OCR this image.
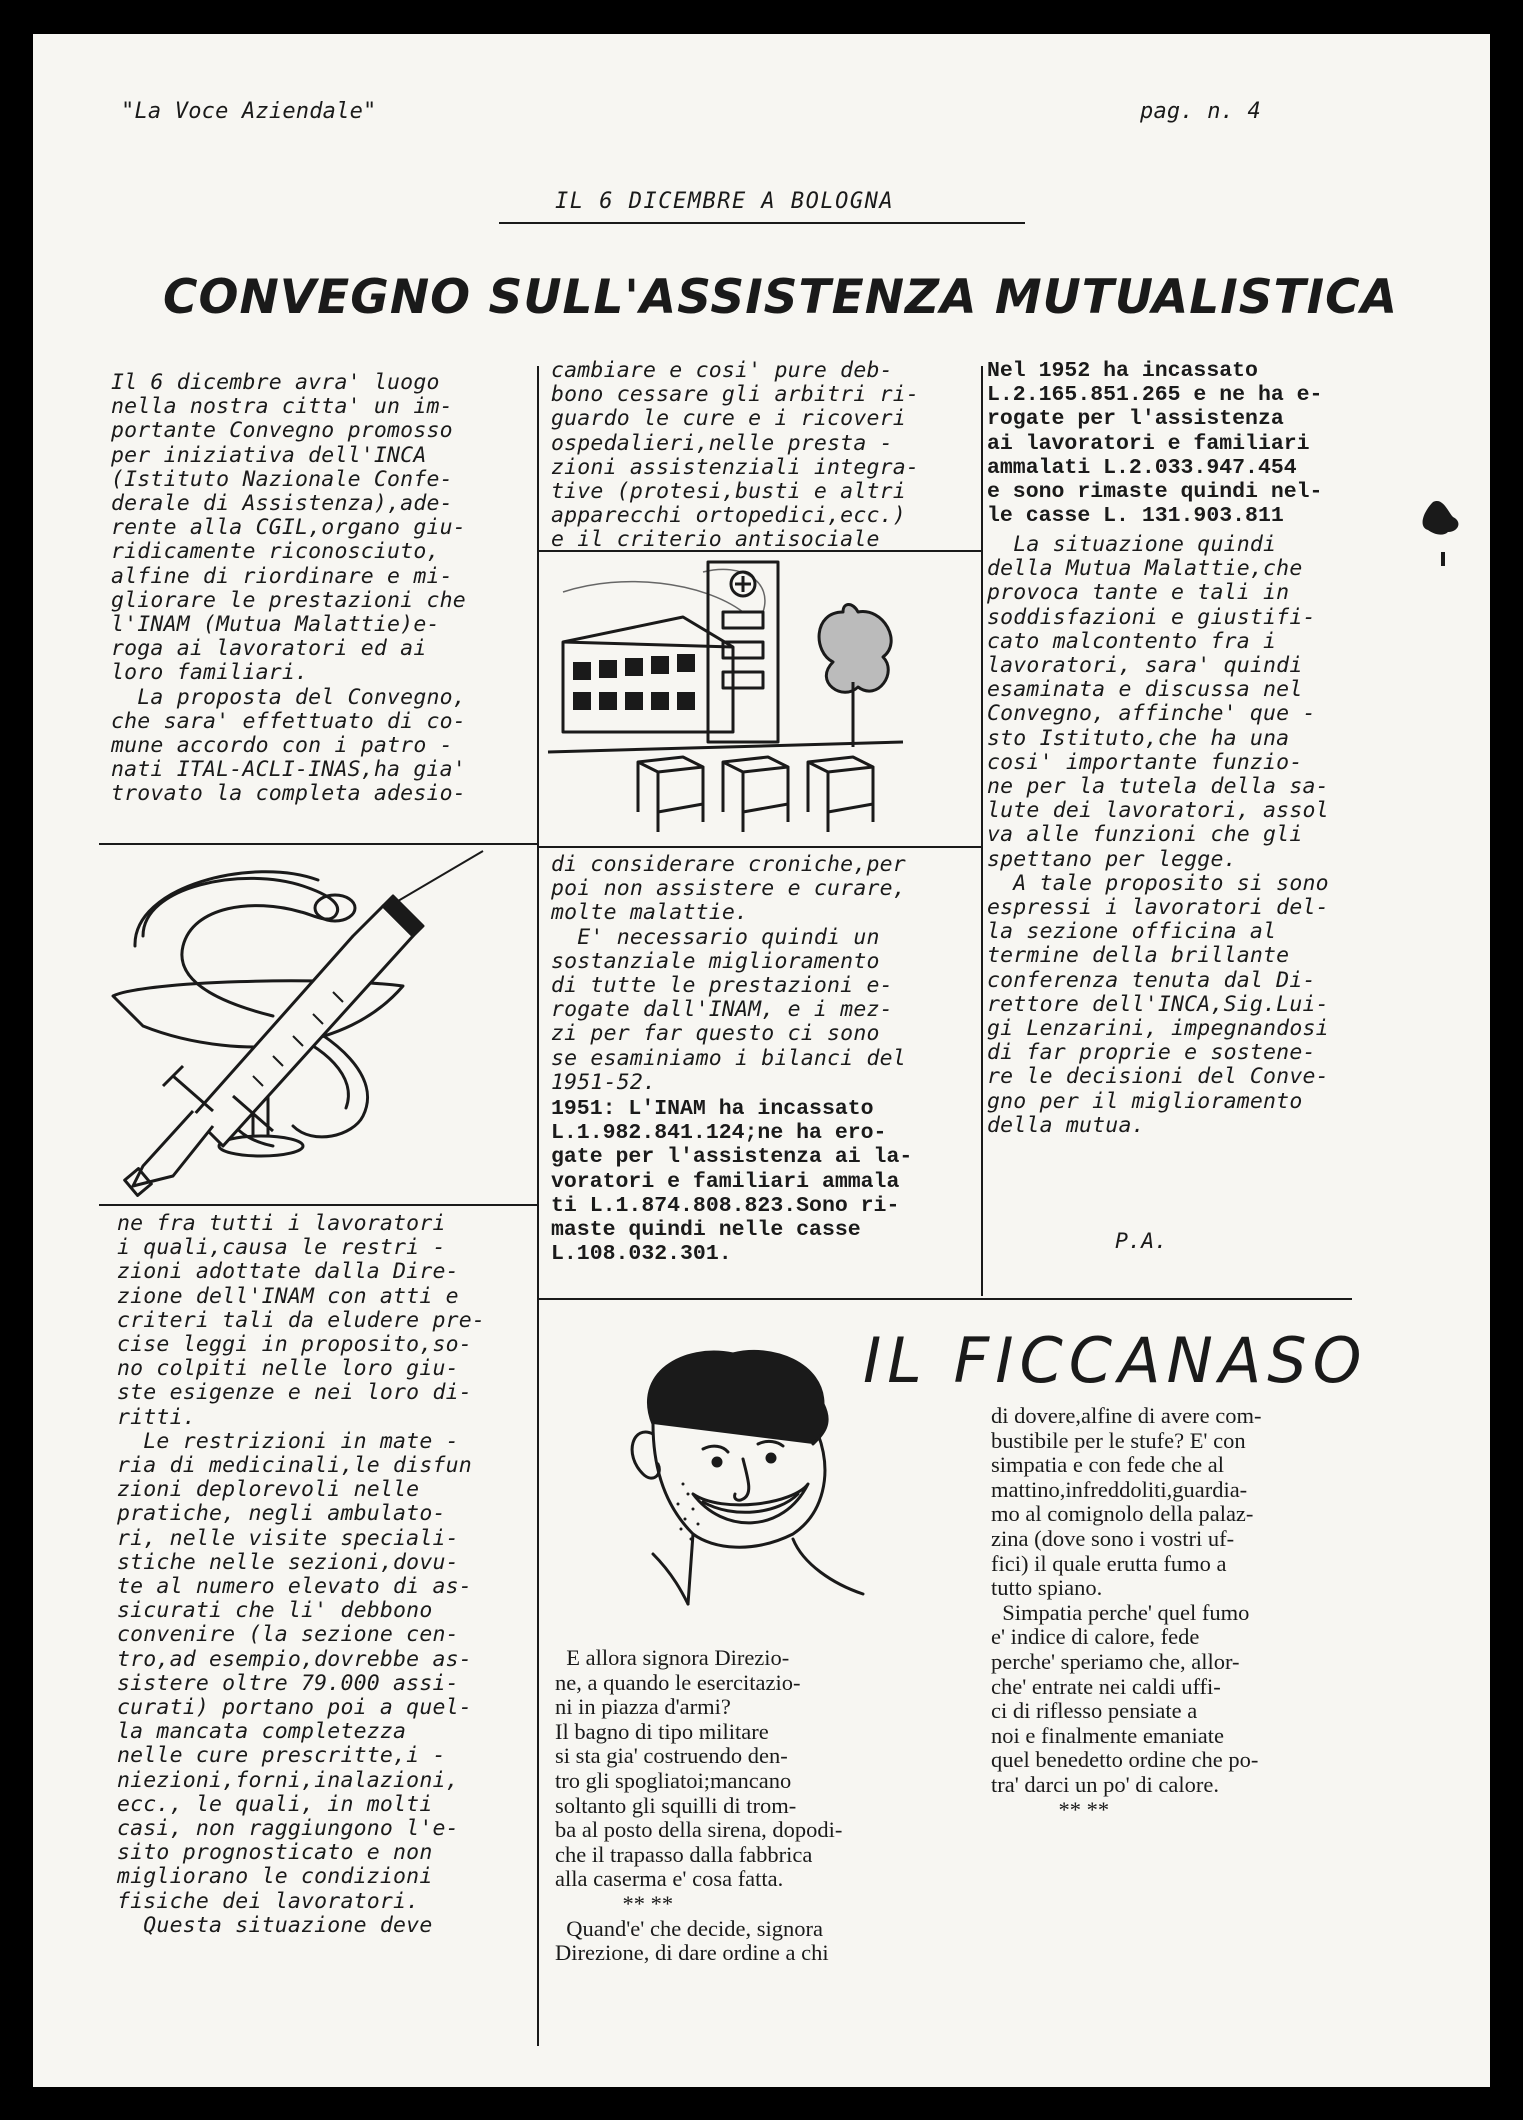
"La Voce Aziendale"	pag. n. 4
IL 6 DICEMBRE A BOLOGNA
CONVEGNO SULL'ASSISTENZA MUTUALISTICA
Il 6 dicembre avra' luogo
nella nostra citta' un im-
portante Convegno promosso
per iniziativa dell'INCA
(Istituto Nazionale Confe-
derale di Assistenza),ade-
rente alla CGIL,organo giu-
ridicamente riconosciuto,
alfine di riordinare e mi-
gliorare le prestazioni che
l'INAM (Mutua Malattie)e-
roga ai lavoratori ed ai
loro familiari.
La proposta del Convegno,
che sara' effettuato di co-
mune accordo con i patro -
nati ITAL-ACLI-INAS,ha gia'
trovato la completa adesio-
ne fra tutti i lavoratori
i quali,causa le restri -
zioni adottate dalla Dire-
zione dell'INAM con atti e
criteri tali da eludere pre-
cise leggi in proposito,so-
no colpiti nelle loro giu-
ste esigenze e nei loro di-
ritti.
Le restrizioni in mate -
ria di medicinali,le disfun
zioni deplorevoli nelle
pratiche, negli ambulato-
ri, nelle visite speciali-
stiche nelle sezioni,dovu-
te al numero elevato di as-
sicurati che li' debbono
convenire (la sezione cen-
tro,ad esempio,dovrebbe as-
sistere oltre 79.000 assi-
curati) portano poi a quel-
la mancata completezza
nelle cure prescritte,i -
niezioni,forni,inalazioni,
ecc., le quali, in molti
casi, non raggiungono l'e-
sito prognosticato e non
migliorano le condizioni
fisiche dei lavoratori.
Questa situazione deve
cambiare e cosi' pure deb-
bono cessare gli arbitri ri-
guardo le cure e i ricoveri
ospedalieri,nelle presta -
zioni assistenziali integra-
tive (protesi,busti e altri
apparecchi ortopedici,ecc.)
e il criterio antisociale
di considerare croniche,per
poi non assistere e curare,
molte malattie.
E' necessario quindi un
sostanziale miglioramento
di tutte le prestazioni e-
rogate dall'INAM, e i mez-
zi per far questo ci sono
se esaminiamo i bilanci del
1951-52.
1951: L'INAM ha incassato
L.1.982.841.124;ne ha ero-
gate per l'assistenza ai la-
voratori e familiari ammala
ti L.1.874.808.823.Sono ri-
maste quindi nelle casse
L.108.032.301.
Nel 1952 ha incassato
L.2.165.851.265 e ne ha e-
rogate per l'assistenza
ai lavoratori e familiari
ammalati L.2.033.947.454
e sono rimaste quindi nel-
le casse L. 131.903.811
La situazione quindi
della Mutua Malattie,che
provoca tante e tali in
soddisfazioni e giustifi-
cato malcontento fra i
lavoratori, sara' quindi
esaminata e discussa nel
Convegno, affinche' que -
sto Istituto,che ha una
cosi' importante funzio-
ne per la tutela della sa-
lute dei lavoratori, assol
va alle funzioni che gli
spettano per legge.
A tale proposito si sono
espressi i lavoratori del-
la sezione officina al
termine della brillante
conferenza tenuta dal Di-
rettore dell'INCA,Sig.Lui-
gi Lenzarini, impegnandosi
di far proprie e sostene-
re le decisioni del Conve-
gno per il miglioramento
della mutua.
P.A.
IL FICCANASO
E allora signora Direzio-
ne, a quando le esercitazio-
ni in piazza d'armi?
Il bagno di tipo militare
si sta gia' costruendo den-
tro gli spogliatoi;mancano
soltanto gli squilli di trom-
ba al posto della sirena, dopodi-
che il trapasso dalla fabbrica
alla caserma e' cosa fatta.
** **
Quand'e' che decide, signora
Direzione, di dare ordine a chi
di dovere,alfine di avere com-
bustibile per le stufe? E' con
simpatia e con fede che al
mattino,infreddoliti,guardia-
mo al comignolo della palaz-
zina (dove sono i vostri uf-
fici) il quale erutta fumo a
tutto spiano.
Simpatia perche' quel fumo
e' indice di calore, fede
perche' speriamo che, allor-
che' entrate nei caldi uffi-
ci di riflesso pensiate a
noi e finalmente emaniate
quel benedetto ordine che po-
tra' darci un po' di calore.
** **
